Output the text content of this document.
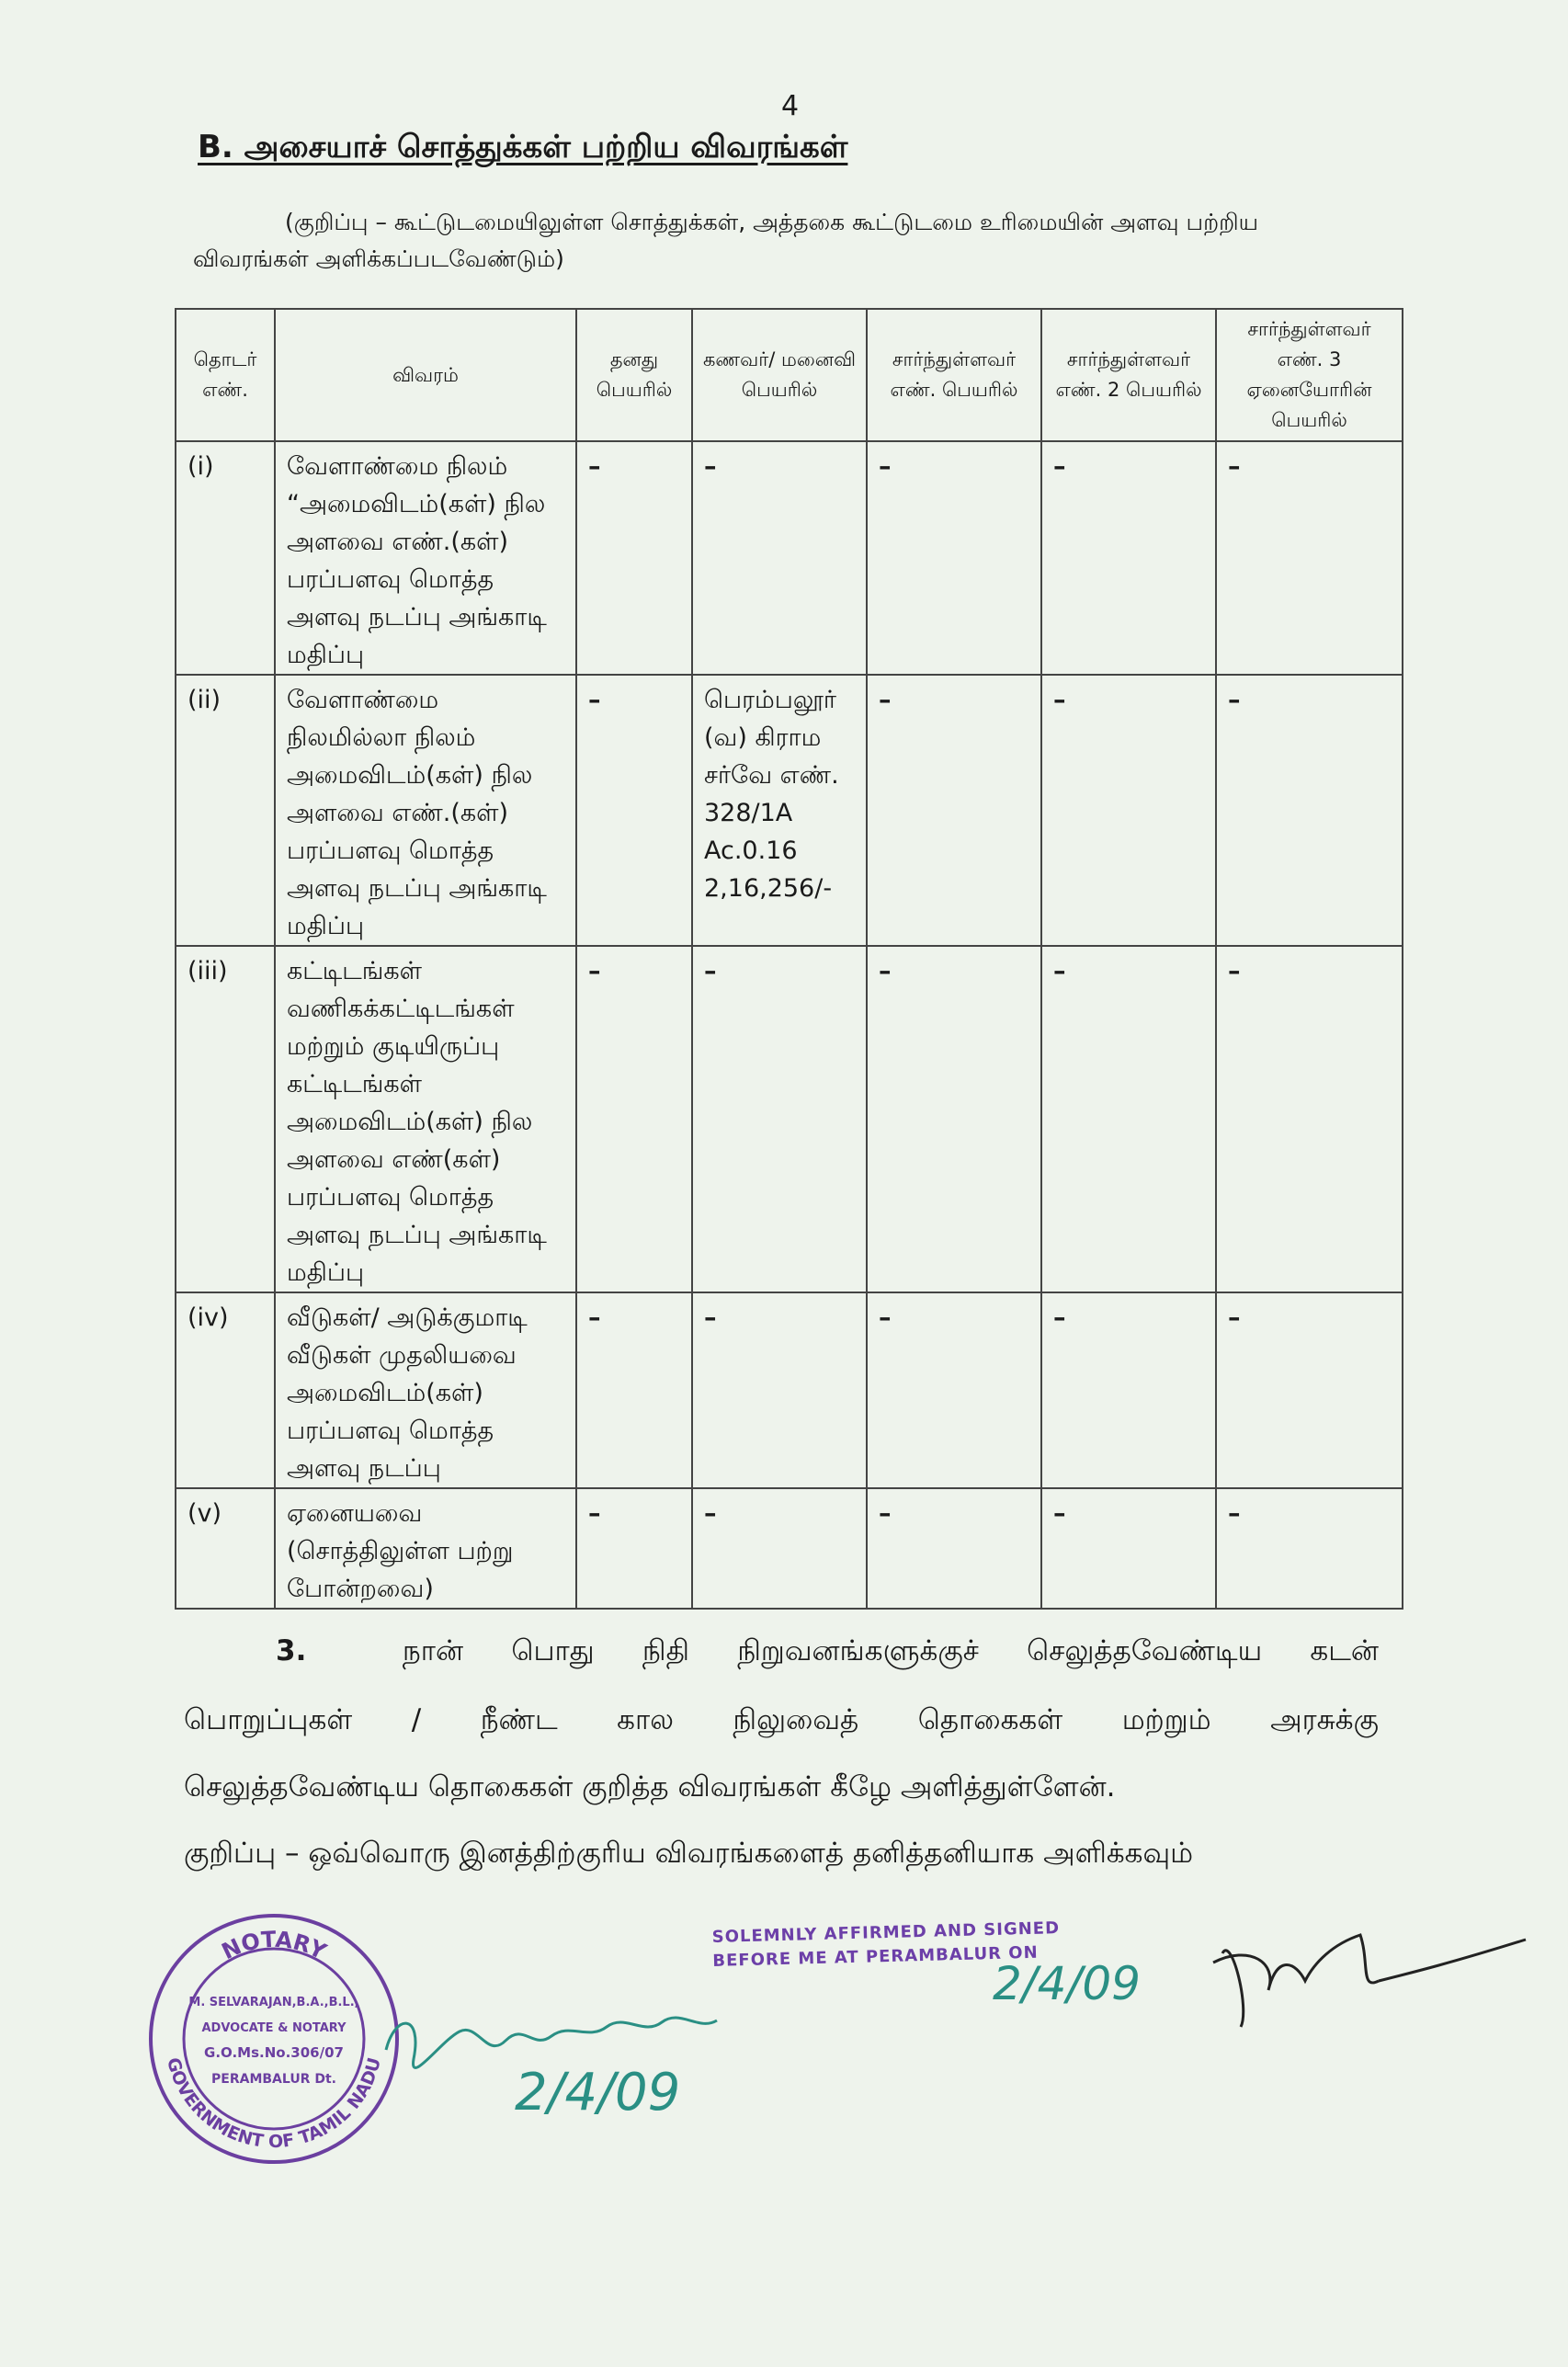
4
B. அசையாச் சொத்துக்கள் பற்றிய விவரங்கள்
(குறிப்பு – கூட்டுடமையிலுள்ள சொத்துக்கள், அத்தகை கூட்டுடமை உரிமையின் அளவு பற்றிய விவரங்கள் அளிக்கப்படவேண்டும்)
தொடர் எண்.	விவரம்	தனது பெயரில்	கணவர்/ மனைவி பெயரில்	சார்ந்துள்ளவர் எண். பெயரில்	சார்ந்துள்ளவர் எண். 2 பெயரில்	சார்ந்துள்ளவர் எண். 3 ஏனையோரின் பெயரில்
(i)	வேளாண்மை நிலம் “அமைவிடம்(கள்) நில அளவை எண்.(கள்) பரப்பளவு மொத்த அளவு நடப்பு அங்காடி மதிப்பு	–	–	–	–	–
(ii)	வேளாண்மை நிலமில்லா நிலம் அமைவிடம்(கள்) நில அளவை எண்.(கள்) பரப்பளவு மொத்த அளவு நடப்பு அங்காடி மதிப்பு	–	பெரம்பலூர் (வ) கிராம சர்வே எண். 328/1A Ac.0.16 2,16,256/-	–	–	–
(iii)	கட்டிடங்கள் வணிகக்கட்டிடங்கள் மற்றும் குடியிருப்பு கட்டிடங்கள் அமைவிடம்(கள்) நில அளவை எண்(கள்) பரப்பளவு மொத்த அளவு நடப்பு அங்காடி மதிப்பு	–	–	–	–	–
(iv)	வீடுகள்/ அடுக்குமாடி வீடுகள் முதலியவை அமைவிடம்(கள்) பரப்பளவு மொத்த அளவு நடப்பு	–	–	–	–	–
(v)	ஏனையவை (சொத்திலுள்ள பற்று போன்றவை)	–	–	–	–	–
3.	நான் பொது நிதி நிறுவனங்களுக்குச் செலுத்தவேண்டிய கடன்
பொறுப்புகள் / நீண்ட கால நிலுவைத் தொகைகள் மற்றும் அரசுக்கு
செலுத்தவேண்டிய தொகைகள் குறித்த விவரங்கள் கீழே அளித்துள்ளேன்.
குறிப்பு – ஒவ்வொரு இனத்திற்குரிய விவரங்களைத் தனித்தனியாக அளிக்கவும்
NOTARY
GOVERNMENT OF TAMIL NADU
M. SELVARAJAN,B.A.,B.L.,
ADVOCATE & NOTARY
G.O.Ms.No.306/07
PERAMBALUR Dt.
SOLEMNLY AFFIRMED AND SIGNED
BEFORE ME AT PERAMBALUR ON
2/4/09
2/4/09
